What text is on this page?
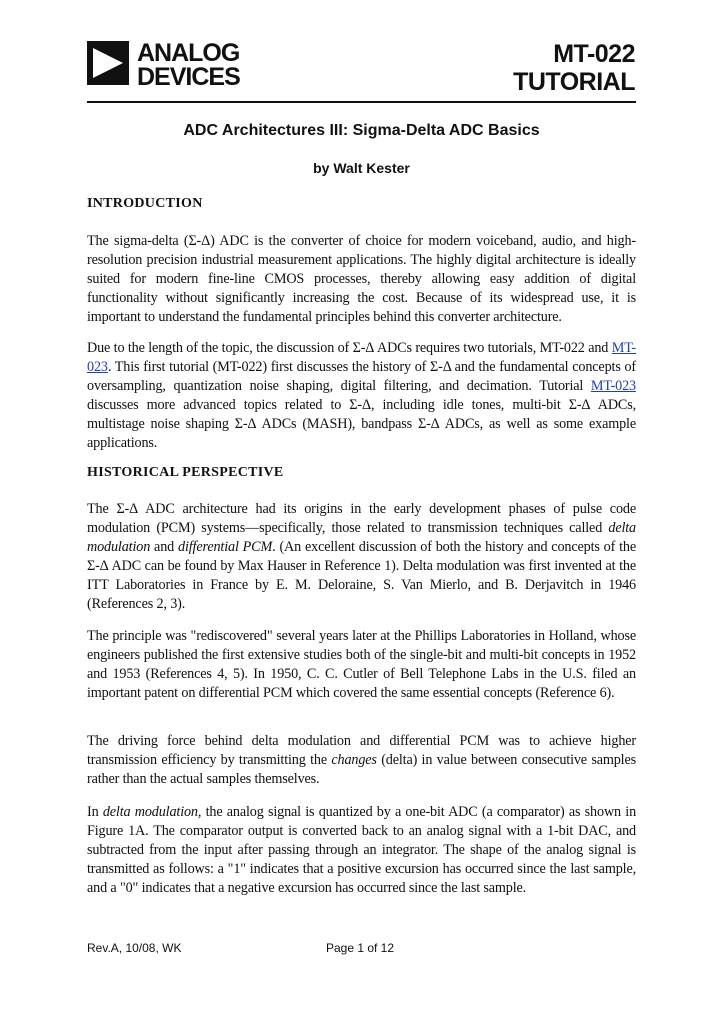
ANALOG
DEVICES
MT-022
TUTORIAL
ADC Architectures III: Sigma-Delta ADC Basics
by Walt Kester
INTRODUCTION
The sigma-delta (Σ-Δ) ADC is the converter of choice for modern voiceband, audio, and high-resolution precision industrial measurement applications. The highly digital architecture is ideally suited for modern fine-line CMOS processes, thereby allowing easy addition of digital functionality without significantly increasing the cost. Because of its widespread use, it is important to understand the fundamental principles behind this converter architecture.
Due to the length of the topic, the discussion of Σ-Δ ADCs requires two tutorials, MT-022 and MT-023. This first tutorial (MT-022) first discusses the history of Σ-Δ and the fundamental concepts of oversampling, quantization noise shaping, digital filtering, and decimation. Tutorial MT-023 discusses more advanced topics related to Σ-Δ, including idle tones, multi-bit Σ-Δ ADCs, multistage noise shaping Σ-Δ ADCs (MASH), bandpass Σ-Δ ADCs, as well as some example applications.
HISTORICAL PERSPECTIVE
The Σ-Δ ADC architecture had its origins in the early development phases of pulse code modulation (PCM) systems—specifically, those related to transmission techniques called delta modulation and differential PCM. (An excellent discussion of both the history and concepts of the Σ-Δ ADC can be found by Max Hauser in Reference 1). Delta modulation was first invented at the ITT Laboratories in France by E. M. Deloraine, S. Van Mierlo, and B. Derjavitch in 1946 (References 2, 3).
The principle was "rediscovered" several years later at the Phillips Laboratories in Holland, whose engineers published the first extensive studies both of the single-bit and multi-bit concepts in 1952 and 1953 (References 4, 5). In 1950, C. C. Cutler of Bell Telephone Labs in the U.S. filed an important patent on differential PCM which covered the same essential concepts (Reference 6).
The driving force behind delta modulation and differential PCM was to achieve higher transmission efficiency by transmitting the changes (delta) in value between consecutive samples rather than the actual samples themselves.
In delta modulation, the analog signal is quantized by a one-bit ADC (a comparator) as shown in Figure 1A. The comparator output is converted back to an analog signal with a 1-bit DAC, and subtracted from the input after passing through an integrator. The shape of the analog signal is transmitted as follows: a "1" indicates that a positive excursion has occurred since the last sample, and a "0" indicates that a negative excursion has occurred since the last sample.
Rev.A, 10/08, WK	Page 1 of 12
